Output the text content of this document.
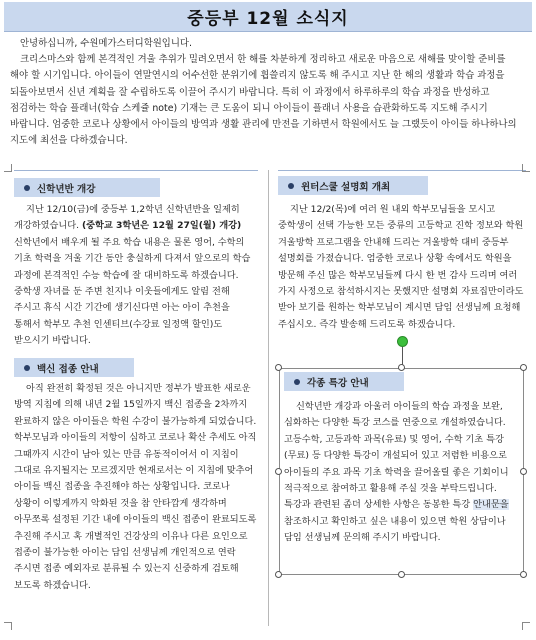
중등부 12월 소식지

안녕하십니까, 수원메가스터디학원입니다.

크리스마스와 함께 본격적인 겨울 추위가 밀려오면서 한 해를 차분하게 정리하고 새로운 마음으로 새해를 맞이할 준비를 해야 할 시기입니다. 아이들이 연말연시의 어수선한 분위기에 휩쓸리지 않도록 해 주시고 지난 한 해의 생활과 학습 과정을 되돌아보면서 신년 계획을 잘 수립하도록 이끌어 주시기 바랍니다. 특히 이 과정에서 하루하루의 학습 과정을 반성하고 점검하는 학습 플래너(학습 스케쥴 note) 기재는 큰 도움이 되니 아이들이 플래너 사용을 습관화하도록 지도해 주시기 바랍니다. 엄중한 코로나 상황에서 아이들의 방역과 생활 관리에 만전을 기하면서 학원에서도 늘 그랬듯이 아이들 하나하나의 지도에 최선을 다하겠습니다.

신학년반 개강

지난 12/10(금)에 중등부 1,2학년 신학년반을 일제히 개강하였습니다. (중학교 3학년은 12월 27일(월) 개강) 신학년에서 배우게 될 주요 학습 내용은 물론 영어, 수학의 기초 학력을 겨울 기간 동안 충실하게 다져서 앞으로의 학습 과정에 본격적인 수능 학습에 잘 대비하도록 하겠습니다. 중학생 자녀를 둔 주변 친지나 이웃들에게도 알림 전해 주시고 휴식 시간 기간에 생기신다면 아는 아이 추천을 통해서 학부모 추천 인센티브(수강료 일정액 할인)도 받으시기 바랍니다.

백신 접종 안내

아직 완전히 확정된 것은 아니지만 정부가 발표한 새로운 방역 지침에 의해 내년 2월 15일까지 백신 접종을 2차까지 완료하지 않은 아이들은 학원 수강이 불가능하게 되었습니다. 학부모님과 아이들의 저항이 심하고 코로나 확산 추세도 아직 그때까지 시간이 남아 있는 만큼 유동적이어서 이 지침이 그대로 유지될지는 모르겠지만 현재로서는 이 지침에 맞추어 아이들 백신 접종을 추진해야 하는 상황입니다. 코로나 상황이 이렇게까지 악화된 것을 참 안타깝게 생각하며 아무쪼록 설정된 기간 내에 아이들의 백신 접종이 완료되도록 추진해 주시고 혹 개별적인 건강상의 이유나 다른 요인으로 접종이 불가능한 아이는 담임 선생님께 개인적으로 연락 주시면 접종 예외자로 분류될 수 있는지 신중하게 검토해 보도록 하겠습니다.

윈터스쿨 설명회 개최

지난 12/2(목)에 여러 원 내외 학부모님들을 모시고 중학생이 선택 가능한 모든 중류의 고등학교 진학 정보와 학원 겨울방학 프로그램을 안내해 드리는 겨울방학 대비 중등부 설명회를 가졌습니다. 엄중한 코로나 상황 속에서도 학원을 방문해 주신 많은 학부모님들께 다시 한 번 감사 드리며 여러 가지 사정으로 참석하시지는 못했지만 설명회 자료집만이라도 받아 보기를 원하는 학부모님이 계시면 담임 선생님께 요청해 주십시오. 즉각 발송해 드리도록 하겠습니다.

각종 특강 안내

신학년반 개강과 아울러 아이들의 학습 과정을 보완, 심화하는 다양한 특강 코스를 연중으로 개설하였습니다. 고등수학, 고등과학 과목(유료) 및 영어, 수학 기초 특강(무료) 등 다양한 특강이 개설되어 있고 저렴한 비용으로 아이들의 주요 과목 기초 학력을 끌어올릴 좋은 기회이니 적극적으로 참여하고 활용해 주실 것을 부탁드립니다. 특강과 관련된 좀더 상세한 사항은 동봉한 특강 안내문을 참조하시고 확인하고 싶은 내용이 있으면 학원 상담이나 담임 선생님께 문의해 주시기 바랍니다.
